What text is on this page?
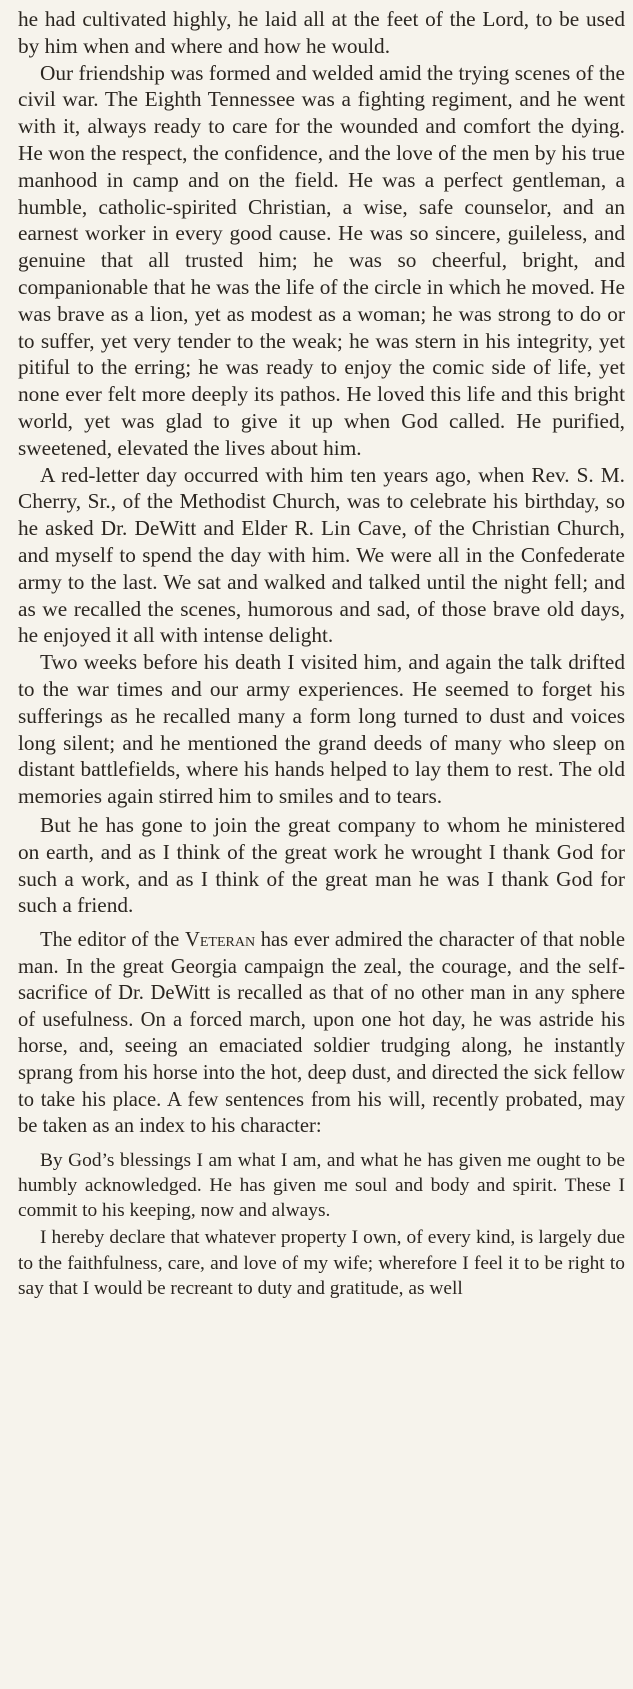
he had cultivated highly, he laid all at the feet of the Lord, to be used by him when and where and how he would.

Our friendship was formed and welded amid the trying scenes of the civil war. The Eighth Tennessee was a fighting regiment, and he went with it, always ready to care for the wounded and comfort the dying. He won the respect, the confidence, and the love of the men by his true manhood in camp and on the field. He was a perfect gentleman, a humble, catholic-spirited Christian, a wise, safe counselor, and an earnest worker in every good cause. He was so sincere, guileless, and genuine that all trusted him; he was so cheerful, bright, and companionable that he was the life of the circle in which he moved. He was brave as a lion, yet as modest as a woman; he was strong to do or to suffer, yet very tender to the weak; he was stern in his integrity, yet pitiful to the erring; he was ready to enjoy the comic side of life, yet none ever felt more deeply its pathos. He loved this life and this bright world, yet was glad to give it up when God called. He purified, sweetened, elevated the lives about him.

A red-letter day occurred with him ten years ago, when Rev. S. M. Cherry, Sr., of the Methodist Church, was to celebrate his birthday, so he asked Dr. DeWitt and Elder R. Lin Cave, of the Christian Church, and myself to spend the day with him. We were all in the Confederate army to the last. We sat and walked and talked until the night fell; and as we recalled the scenes, humorous and sad, of those brave old days, he enjoyed it all with intense delight.

Two weeks before his death I visited him, and again the talk drifted to the war times and our army experiences. He seemed to forget his sufferings as he recalled many a form long turned to dust and voices long silent; and he mentioned the grand deeds of many who sleep on distant battlefields, where his hands helped to lay them to rest. The old memories again stirred him to smiles and to tears.

But he has gone to join the great company to whom he ministered on earth, and as I think of the great work he wrought I thank God for such a work, and as I think of the great man he was I thank God for such a friend.

The editor of the Veteran has ever admired the character of that noble man. In the great Georgia campaign the zeal, the courage, and the self-sacrifice of Dr. DeWitt is recalled as that of no other man in any sphere of usefulness. On a forced march, upon one hot day, he was astride his horse, and, seeing an emaciated soldier trudging along, he instantly sprang from his horse into the hot, deep dust, and directed the sick fellow to take his place. A few sentences from his will, recently probated, may be taken as an index to his character:

By God’s blessings I am what I am, and what he has given me ought to be humbly acknowledged. He has given me soul and body and spirit. These I commit to his keeping, now and always.

I hereby declare that whatever property I own, of every kind, is largely due to the faithfulness, care, and love of my wife; wherefore I feel it to be right to say that I would be recreant to duty and gratitude, as well
